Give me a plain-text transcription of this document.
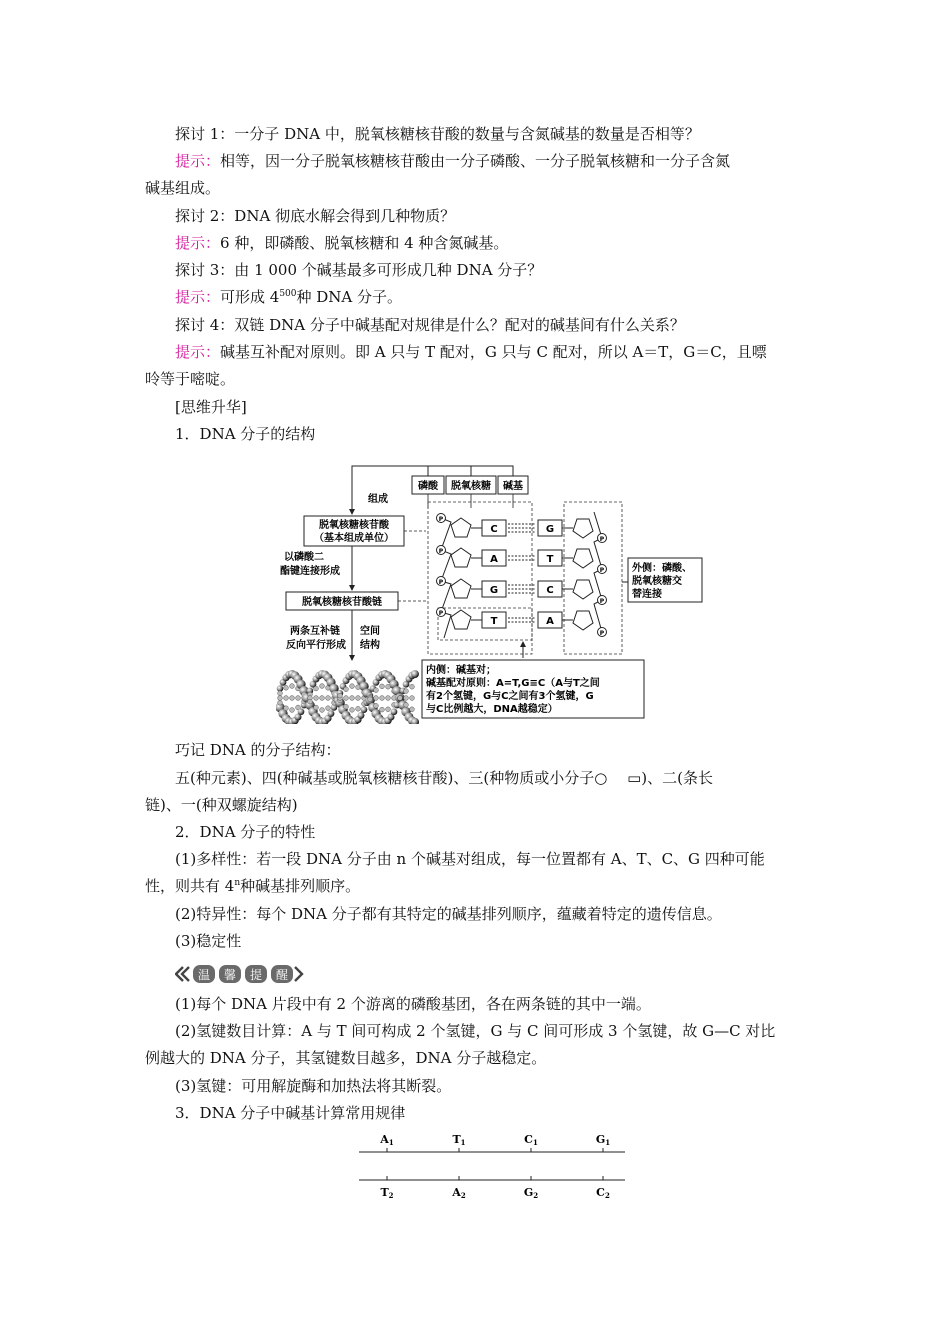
探讨 1：一分子 DNA 中，脱氧核糖核苷酸的数量与含氮碱基的数量是否相等？
提示：相等，因一分子脱氧核糖核苷酸由一分子磷酸、一分子脱氧核糖和一分子含氮
碱基组成。
探讨 2：DNA 彻底水解会得到几种物质？
提示：6 种，即磷酸、脱氧核糖和 4 种含氮碱基。
探讨 3：由 1 000 个碱基最多可形成几种 DNA 分子？
提示：可形成 $4^{500}$种 DNA 分子。
探讨 4：双链 DNA 分子中碱基配对规律是什么？配对的碱基间有什么关系？
提示：碱基互补配对原则。即 A 只与 T 配对，G 只与 C 配对，所以 A＝T，G＝C，且嘌
呤等于嘧啶。
[思维升华]
1．DNA 分子的结构
磷酸 脱氧核糖 碱基
组成
脱氧核糖核苷酸
（基本组成单位）
以磷酸二
酯键连接形成
脱氧核糖核苷酸链
两条互补链
反向平行形成
空间
结构
P
P
P
P
C
A
G
T
G
T
C
A
P
P
P
P
外侧：磷酸、
脱氧核糖交
替连接
内侧：碱基对；
碱基配对原则：A=T,G≡C（A与T之间
有2个氢键，G与C之间有3个氢键，G
与C比例越大，DNA越稳定）
巧记 DNA 的分子结构：
五(种元素)、四(种碱基或脱氧核糖核苷酸)、三(种物质或小分子○　 ▭)、二(条长
链)、一(种双螺旋结构)
2．DNA 分子的特性
(1)多样性：若一段 DNA 分子由 n 个碱基对组成，每一位置都有 A、T、C、G 四种可能
性，则共有 4$^n$种碱基排列顺序。
(2)特异性：每个 DNA 分子都有其特定的碱基排列顺序，蕴藏着特定的遗传信息。
(3)稳定性
温 馨 提 醒
(1)每个 DNA 片段中有 2 个游离的磷酸基团，各在两条链的其中一端。
(2)氢键数目计算：A 与 T 间可构成 2 个氢键，G 与 C 间可形成 3 个氢键，故 G—C 对比
例越大的 DNA 分子，其氢键数目越多，DNA 分子越稳定。
(3)氢键：可用解旋酶和加热法将其断裂。
3．DNA 分子中碱基计算常用规律
A1	T1	C1	G1
T2	A2	G2	C2
